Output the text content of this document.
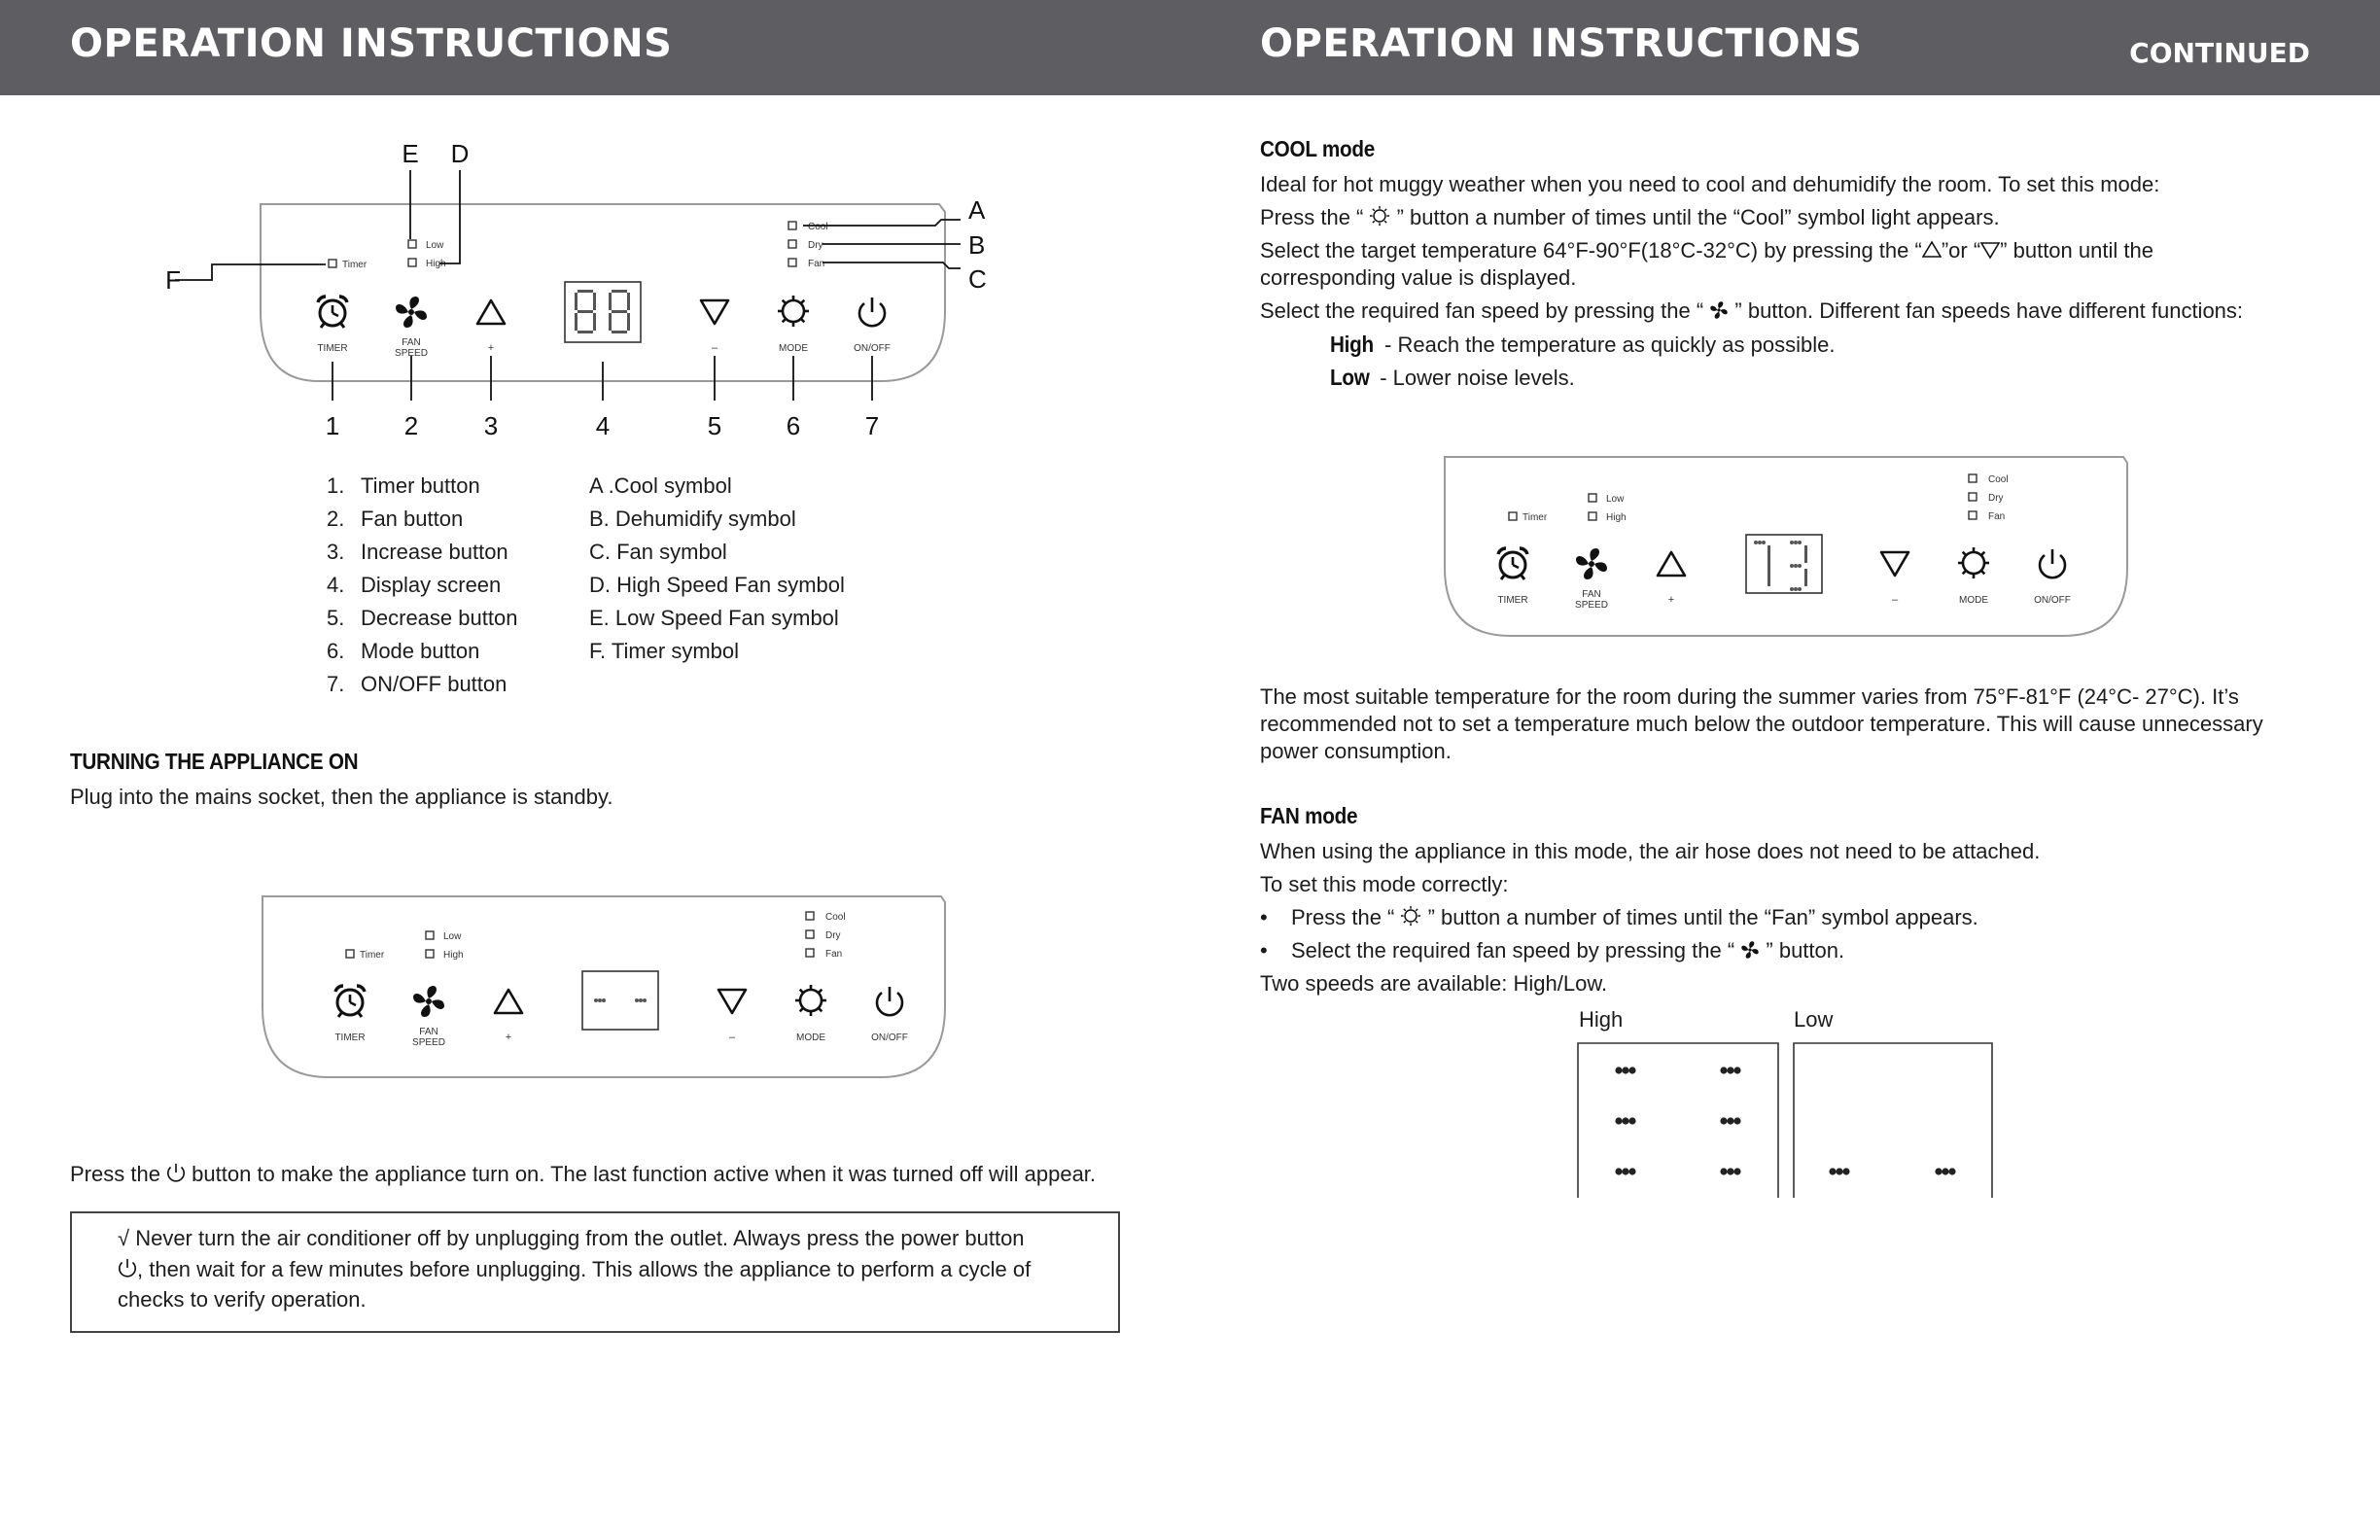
OPERATION INSTRUCTIONS	OPERATION INSTRUCTIONS	CONTINUED
Timer
Low
High
Cool
Dry
Fan
TIMER
FAN
SPEED	+	–	MODE	ON/OFF
E D
A
B
C
F
1	2	3	4	5	6	7
1. Timer button
2. Fan button
3. Increase button
4. Display screen
5. Decrease button
6. Mode button
7. ON/OFF button
A .Cool symbol
B. Dehumidify symbol
C. Fan symbol
D. High Speed Fan symbol
E. Low Speed Fan symbol
F. Timer symbol
TURNING THE APPLIANCE ON
Plug into the mains socket, then the appliance is standby.
Timer
Low
High
Cool
Dry
Fan
TIMER
FAN
SPEED	+	–	MODE	ON/OFF
Press the  button to make the appliance turn on. The last function active when it was turned off will appear.
√ Never turn the air conditioner off by unplugging from the outlet. Always press the power button
, then wait for a few minutes before unplugging. This allows the appliance to perform a cycle of
checks to verify operation.
COOL mode
Ideal for hot muggy weather when you need to cool and dehumidify the room. To set this mode:
Press the “  ” button a number of times until the “Cool” symbol light appears.
Select the target temperature 64°F-90°F(18°C-32°C) by pressing the “ ”or “ ” button until the
corresponding value is displayed.
Select the required fan speed by pressing the “  ” button. Different fan speeds have different functions:
High - Reach the temperature as quickly as possible.
Low - Lower noise levels.
Timer
Low
High
Cool
Dry
Fan
TIMER
FAN
SPEED	+	–	MODE	ON/OFF
The most suitable temperature for the room during the summer varies from 75°F-81°F (24°C- 27°C). It’s
recommended not to set a temperature much below the outdoor temperature. This will cause unnecessary
power consumption.
FAN mode
When using the appliance in this mode, the air hose does not need to be attached.
To set this mode correctly:
• Press the “  ” button a number of times until the “Fan” symbol appears.
• Select the required fan speed by pressing the “  ” button.
Two speeds are available: High/Low.
High	Low
